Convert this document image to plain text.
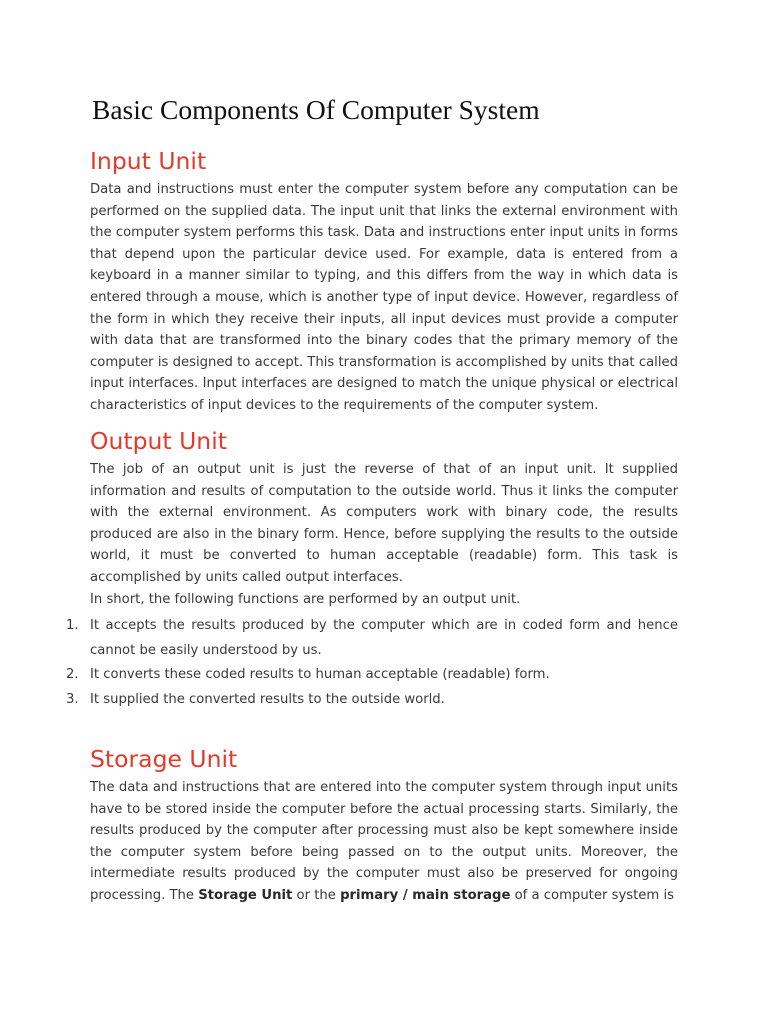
Basic Components Of Computer System
Input Unit

Data and instructions must enter the computer system before any computation can be performed on the supplied data. The input unit that links the external environment with the computer system performs this task. Data and instructions enter input units in forms that depend upon the particular device used. For example, data is entered from a keyboard in a manner similar to typing, and this differs from the way in which data is entered through a mouse, which is another type of input device. However, regardless of the form in which they receive their inputs, all input devices must provide a computer with data that are transformed into the binary codes that the primary memory of the computer is designed to accept. This transformation is accomplished by units that called input interfaces. Input interfaces are designed to match the unique physical or electrical characteristics of input devices to the requirements of the computer system.

Output Unit

The job of an output unit is just the reverse of that of an input unit. It supplied information and results of computation to the outside world. Thus it links the computer with the external environment. As computers work with binary code, the results produced are also in the binary form. Hence, before supplying the results to the outside world, it must be converted to human acceptable (readable) form. This task is accomplished by units called output interfaces.

In short, the following functions are performed by an output unit.

1. It accepts the results produced by the computer which are in coded form and hence cannot be easily understood by us.
2. It converts these coded results to human acceptable (readable) form.
3. It supplied the converted results to the outside world.
Storage Unit

The data and instructions that are entered into the computer system through input units have to be stored inside the computer before the actual processing starts. Similarly, the results produced by the computer after processing must also be kept somewhere inside the computer system before being passed on to the output units. Moreover, the intermediate results produced by the computer must also be preserved for ongoing processing. The Storage Unit or the primary / main storage of a computer system is
